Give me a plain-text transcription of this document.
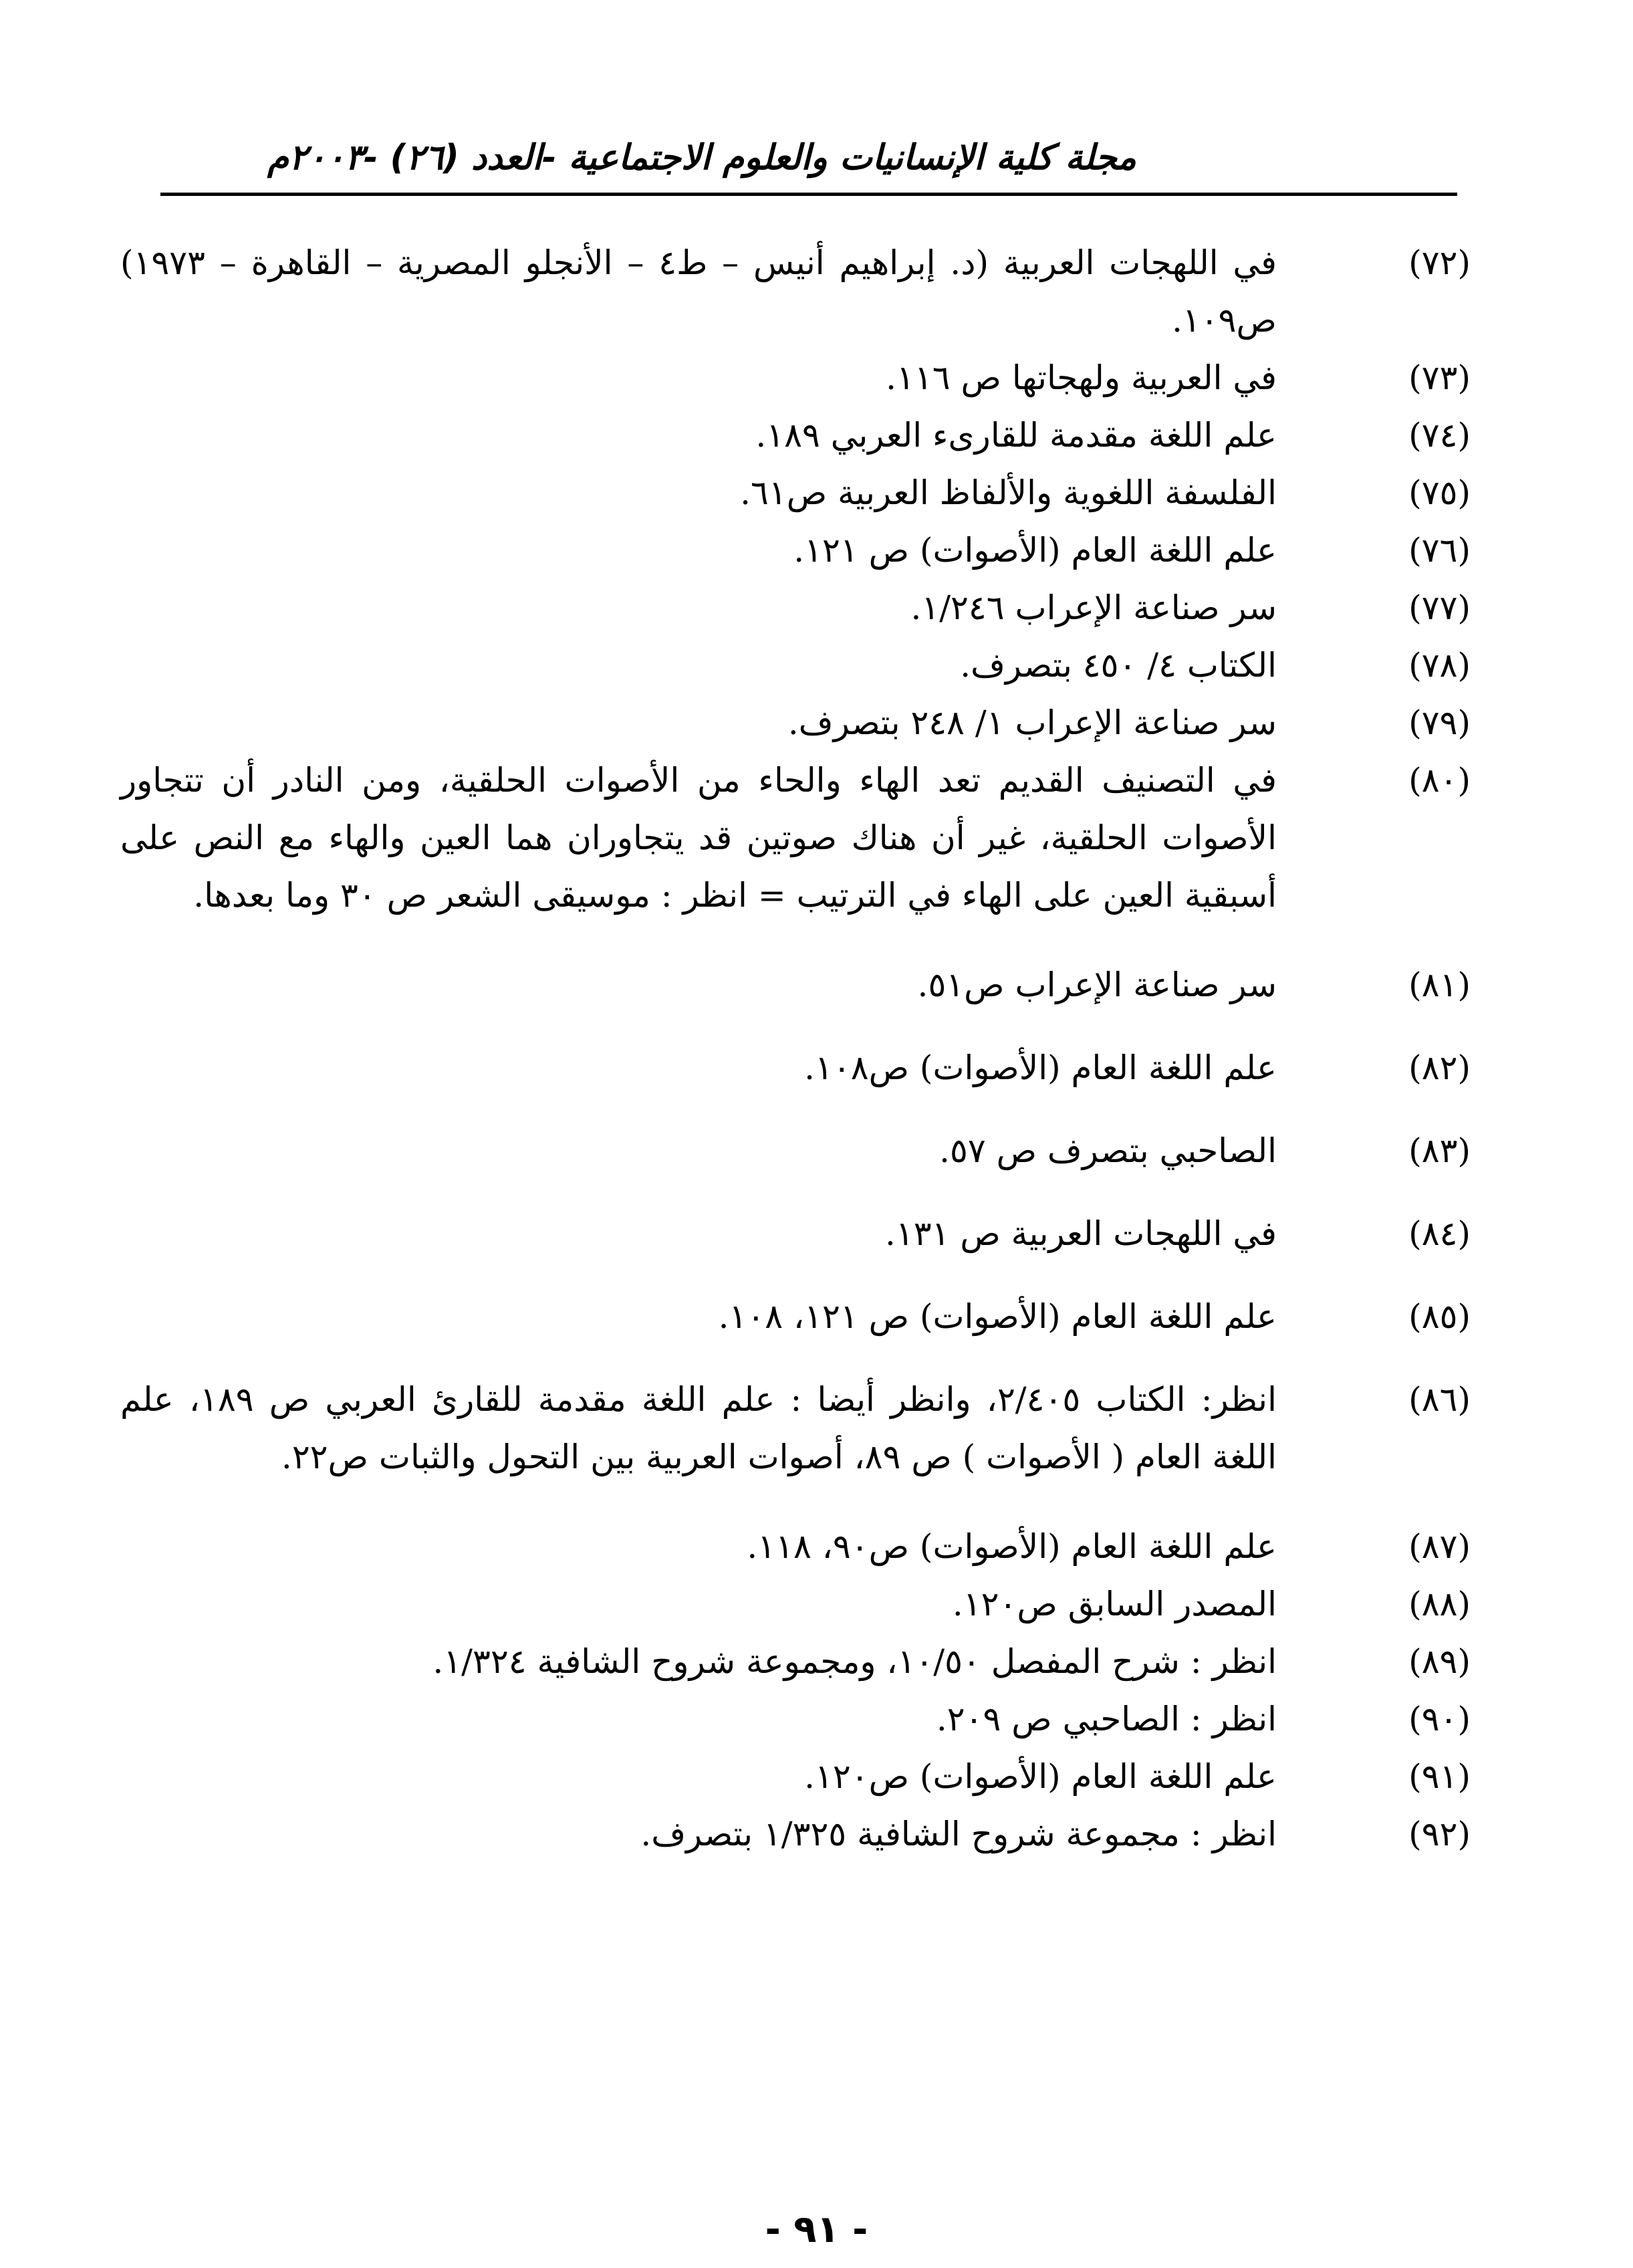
مجلة كلية الإنسانيات والعلوم الاجتماعية -العدد (٢٦) -٢٠٠٣م
(٧٢)
في اللهجات العربية (د. إبراهيم أنيس – ط٤ – الأنجلو المصرية – القاهرة – ١٩٧٣) ص١٠٩.
(٧٣)
في العربية ولهجاتها ص ١١٦.
(٧٤)
علم اللغة مقدمة للقارىء العربي ١٨٩.
(٧٥)
الفلسفة اللغوية والألفاظ العربية ص٦١.
(٧٦)
علم اللغة العام (الأصوات) ص ١٢١.
(٧٧)
سر صناعة الإعراب ١/٢٤٦.
(٧٨)
الكتاب ٤/ ٤٥٠ بتصرف.
(٧٩)
سر صناعة الإعراب ١/ ٢٤٨ بتصرف.
(٨٠)
في التصنيف القديم تعد الهاء والحاء من الأصوات الحلقية، ومن النادر أن تتجاور الأصوات الحلقية، غير أن هناك صوتين قد يتجاوران هما العين والهاء مع النص على أسبقية العين على الهاء في الترتيب = انظر : موسيقى الشعر ص ٣٠ وما بعدها.
(٨١)
سر صناعة الإعراب ص٥١.
(٨٢)
علم اللغة العام (الأصوات) ص١٠٨.
(٨٣)
الصاحبي بتصرف ص ٥٧.
(٨٤)
في اللهجات العربية ص ١٣١.
(٨٥)
علم اللغة العام (الأصوات) ص ١٢١، ١٠٨.
(٨٦)
انظر: الكتاب ٢/٤٠٥، وانظر أيضا : علم اللغة مقدمة للقارئ العربي ص ١٨٩، علم اللغة العام ( الأصوات ) ص ٨٩، أصوات العربية بين التحول والثبات ص٢٢.
(٨٧)
علم اللغة العام (الأصوات) ص٩٠، ١١٨.
(٨٨)
المصدر السابق ص١٢٠.
(٨٩)
انظر : شرح المفصل ١٠/٥٠، ومجموعة شروح الشافية ١/٣٢٤.
(٩٠)
انظر : الصاحبي ص ٢٠٩.
(٩١)
علم اللغة العام (الأصوات) ص١٢٠.
(٩٢)
انظر : مجموعة شروح الشافية ١/٣٢٥ بتصرف.
- ٩١ -
